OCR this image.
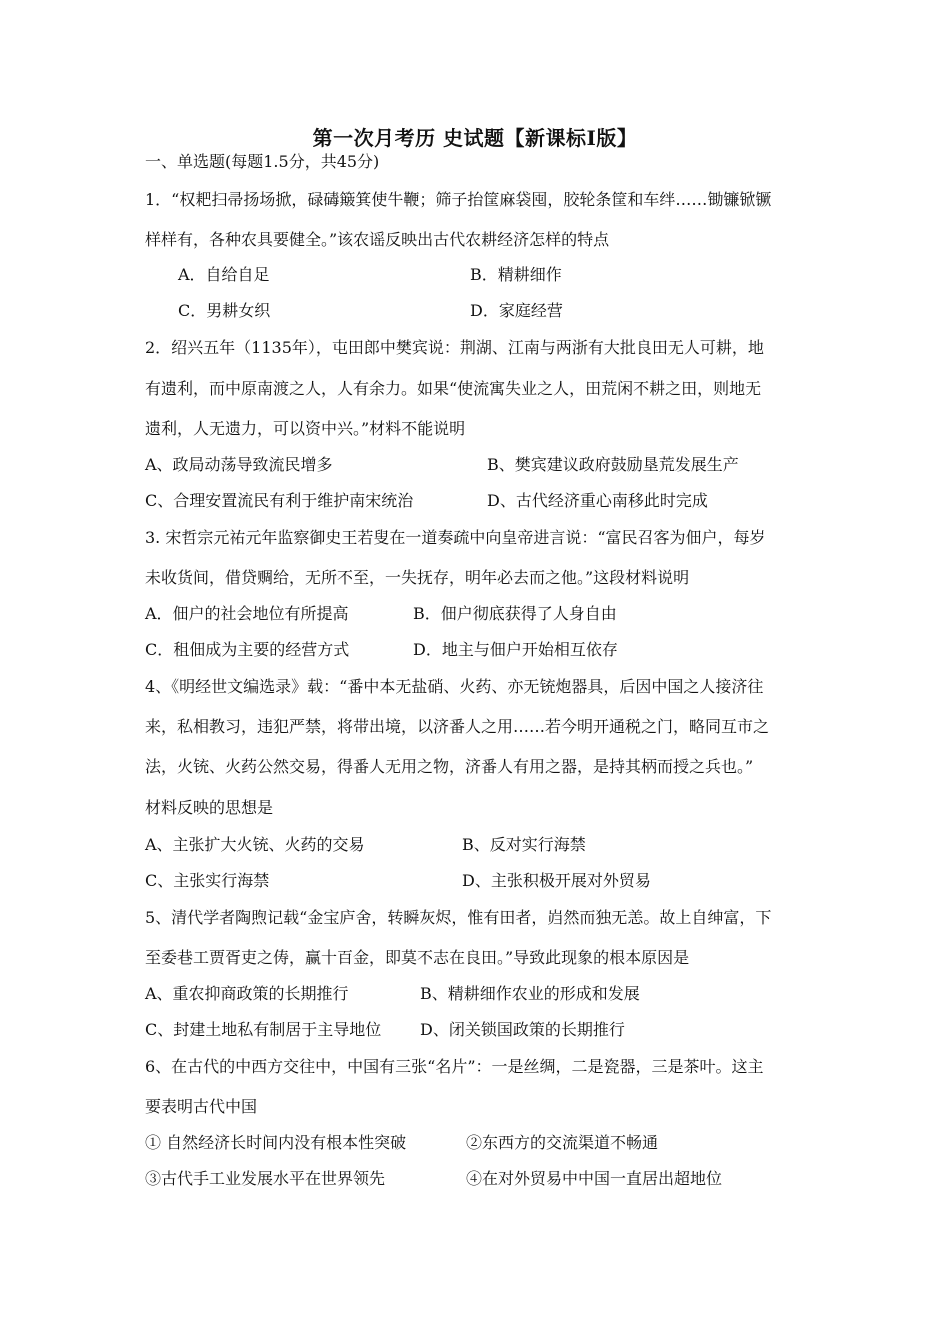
第一次月考历 史试题【新课标Ⅰ版】
一、单选题(每题1.5分，共45分)
1．“权耙扫帚扬场掀，碌碡簸箕使牛鞭；筛子抬筐麻袋囤，胶轮条筐和车绊……锄镰锨镢
样样有，各种农具要健全。”该农谣反映出古代农耕经济怎样的特点
A．自给自足	B．精耕细作
C．男耕女织	D．家庭经营
2．绍兴五年（1135年），屯田郎中樊宾说：荆湖、江南与两浙有大批良田无人可耕，地
有遗利，而中原南渡之人，人有余力。如果“使流寓失业之人，田荒闲不耕之田，则地无
遗利，人无遗力，可以资中兴。”材料不能说明
A、政局动荡导致流民增多	B、樊宾建议政府鼓励垦荒发展生产
C、合理安置流民有利于维护南宋统治	D、古代经济重心南移此时完成
3. 宋哲宗元祐元年监察御史王若叟在一道奏疏中向皇帝进言说：“富民召客为佃户，每岁
未收货间，借贷赒给，无所不至，一失抚存，明年必去而之他。”这段材料说明
A．佃户的社会地位有所提高	B．佃户彻底获得了人身自由
C．租佃成为主要的经营方式	D．地主与佃户开始相互依存
4、《明经世文编选录》载：“番中本无盐硝、火药、亦无铳炮器具，后因中国之人接济往
来，私相教习，违犯严禁，将带出境，以济番人之用……若今明开通税之门，略同互市之
法，火铳、火药公然交易，得番人无用之物，济番人有用之器，是持其柄而授之兵也。”
材料反映的思想是
A、主张扩大火铳、火药的交易	B、反对实行海禁
C、主张实行海禁	D、主张积极开展对外贸易
5、清代学者陶煦记载“金宝庐舍，转瞬灰烬，惟有田者，岿然而独无恙。故上自绅富，下
至委巷工贾胥吏之俦，赢十百金，即莫不志在良田。”导致此现象的根本原因是
A、重农抑商政策的长期推行	B、精耕细作农业的形成和发展
C、封建土地私有制居于主导地位 D、闭关锁国政策的长期推行
6、在古代的中西方交往中，中国有三张“名片”：一是丝绸，二是瓷器，三是茶叶。这主
要表明古代中国
① 自然经济长时间内没有根本性突破	②东西方的交流渠道不畅通
③古代手工业发展水平在世界领先	④在对外贸易中中国一直居出超地位
